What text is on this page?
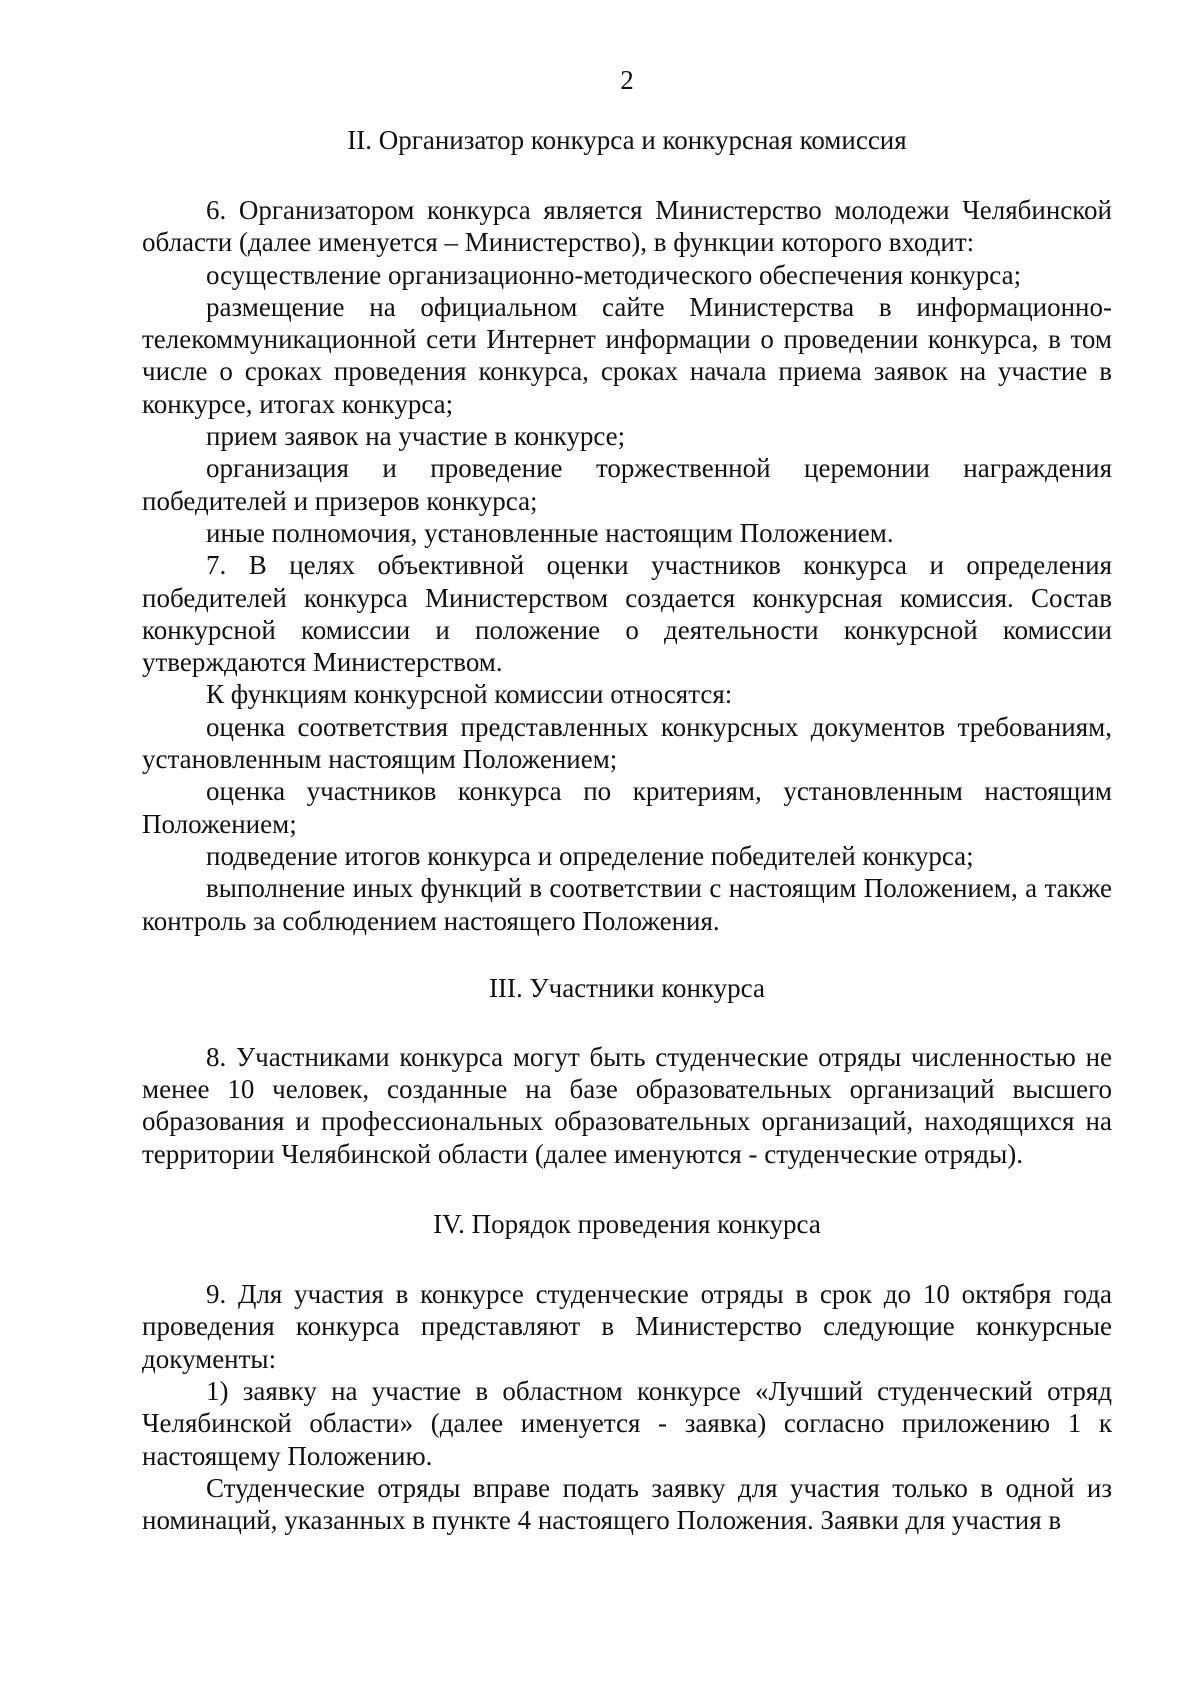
2
II. Организатор конкурса и конкурсная комиссия

6. Организатором конкурса является Министерство молодежи Челябинской области (далее именуется – Министерство), в функции которого входит:

осуществление организационно-методического обеспечения конкурса;

размещение на официальном сайте Министерства в информационно-телекоммуникационной сети Интернет информации о проведении конкурса, в том числе о сроках проведения конкурса, сроках начала приема заявок на участие в конкурсе, итогах конкурса;

прием заявок на участие в конкурсе;

организация и проведение торжественной церемонии награждения победителей и призеров конкурса;

иные полномочия, установленные настоящим Положением.

7. В целях объективной оценки участников конкурса и определения победителей конкурса Министерством создается конкурсная комиссия. Состав конкурсной комиссии и положение о деятельности конкурсной комиссии утверждаются Министерством.

К функциям конкурсной комиссии относятся:

оценка соответствия представленных конкурсных документов требованиям, установленным настоящим Положением;

оценка участников конкурса по критериям, установленным настоящим Положением;

подведение итогов конкурса и определение победителей конкурса;

выполнение иных функций в соответствии с настоящим Положением, а также контроль за соблюдением настоящего Положения.

III. Участники конкурса

8. Участниками конкурса могут быть студенческие отряды численностью не менее 10 человек, созданные на базе образовательных организаций высшего образования и профессиональных образовательных организаций, находящихся на территории Челябинской области (далее именуются - студенческие отряды).

IV. Порядок проведения конкурса

9. Для участия в конкурсе студенческие отряды в срок до 10 октября года проведения конкурса представляют в Министерство следующие конкурсные документы:

1) заявку на участие в областном конкурсе «Лучший студенческий отряд Челябинской области» (далее именуется - заявка) согласно приложению 1 к настоящему Положению.

Студенческие отряды вправе подать заявку для участия только в одной из номинаций, указанных в пункте 4 настоящего Положения. Заявки для участия в
